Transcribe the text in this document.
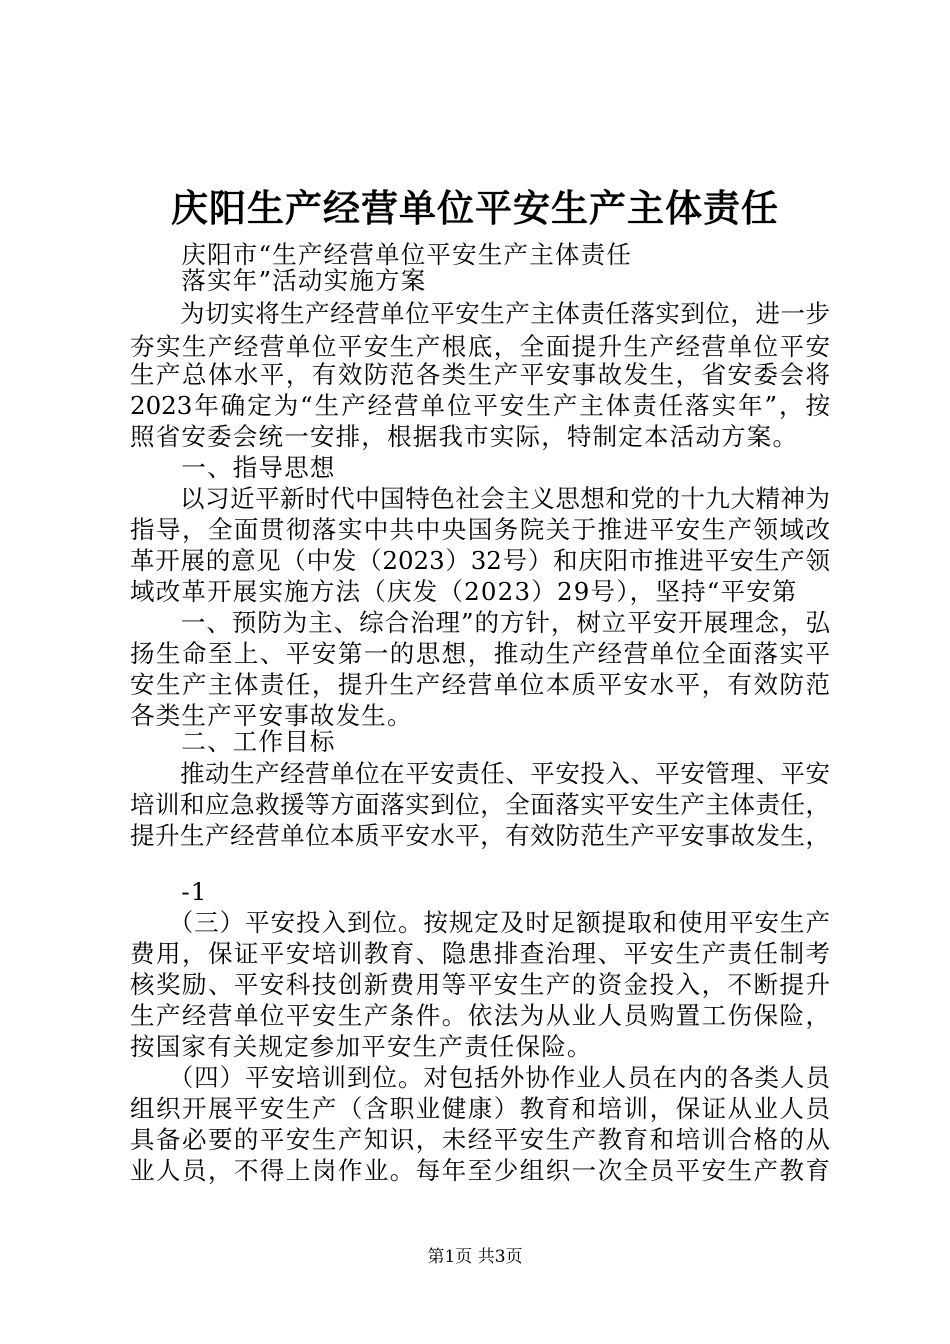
庆阳生产经营单位平安生产主体责任
　　庆阳市“生产经营单位平安生产主体责任
　　落实年”活动实施方案
　　为切实将生产经营单位平安生产主体责任落实到位，进一步
夯实生产经营单位平安生产根底，全面提升生产经营单位平安
生产总体水平，有效防范各类生产平安事故发生，省安委会将
2023年确定为“生产经营单位平安生产主体责任落实年”，按
照省安委会统一安排，根据我市实际，特制定本活动方案。
　　一、指导思想
　　以习近平新时代中国特色社会主义思想和党的十九大精神为
指导，全面贯彻落实中共中央国务院关于推进平安生产领域改
革开展的意见（中发（2023）32号）和庆阳市推进平安生产领
域改革开展实施方法（庆发（2023）29号），坚持“平安第
　　一、预防为主、综合治理”的方针，树立平安开展理念，弘
扬生命至上、平安第一的思想，推动生产经营单位全面落实平
安生产主体责任，提升生产经营单位本质平安水平，有效防范
各类生产平安事故发生。
　　二、工作目标
　　推动生产经营单位在平安责任、平安投入、平安管理、平安
培训和应急救援等方面落实到位，全面落实平安生产主体责任，
提升生产经营单位本质平安水平，有效防范生产平安事故发生，
　　-1
　　（三）平安投入到位。按规定及时足额提取和使用平安生产
费用，保证平安培训教育、隐患排查治理、平安生产责任制考
核奖励、平安科技创新费用等平安生产的资金投入，不断提升
生产经营单位平安生产条件。依法为从业人员购置工伤保险，
按国家有关规定参加平安生产责任保险。
　　（四）平安培训到位。对包括外协作业人员在内的各类人员
组织开展平安生产（含职业健康）教育和培训，保证从业人员
具备必要的平安生产知识，未经平安生产教育和培训合格的从
业人员，不得上岗作业。每年至少组织一次全员平安生产教育
第1页 共3页
